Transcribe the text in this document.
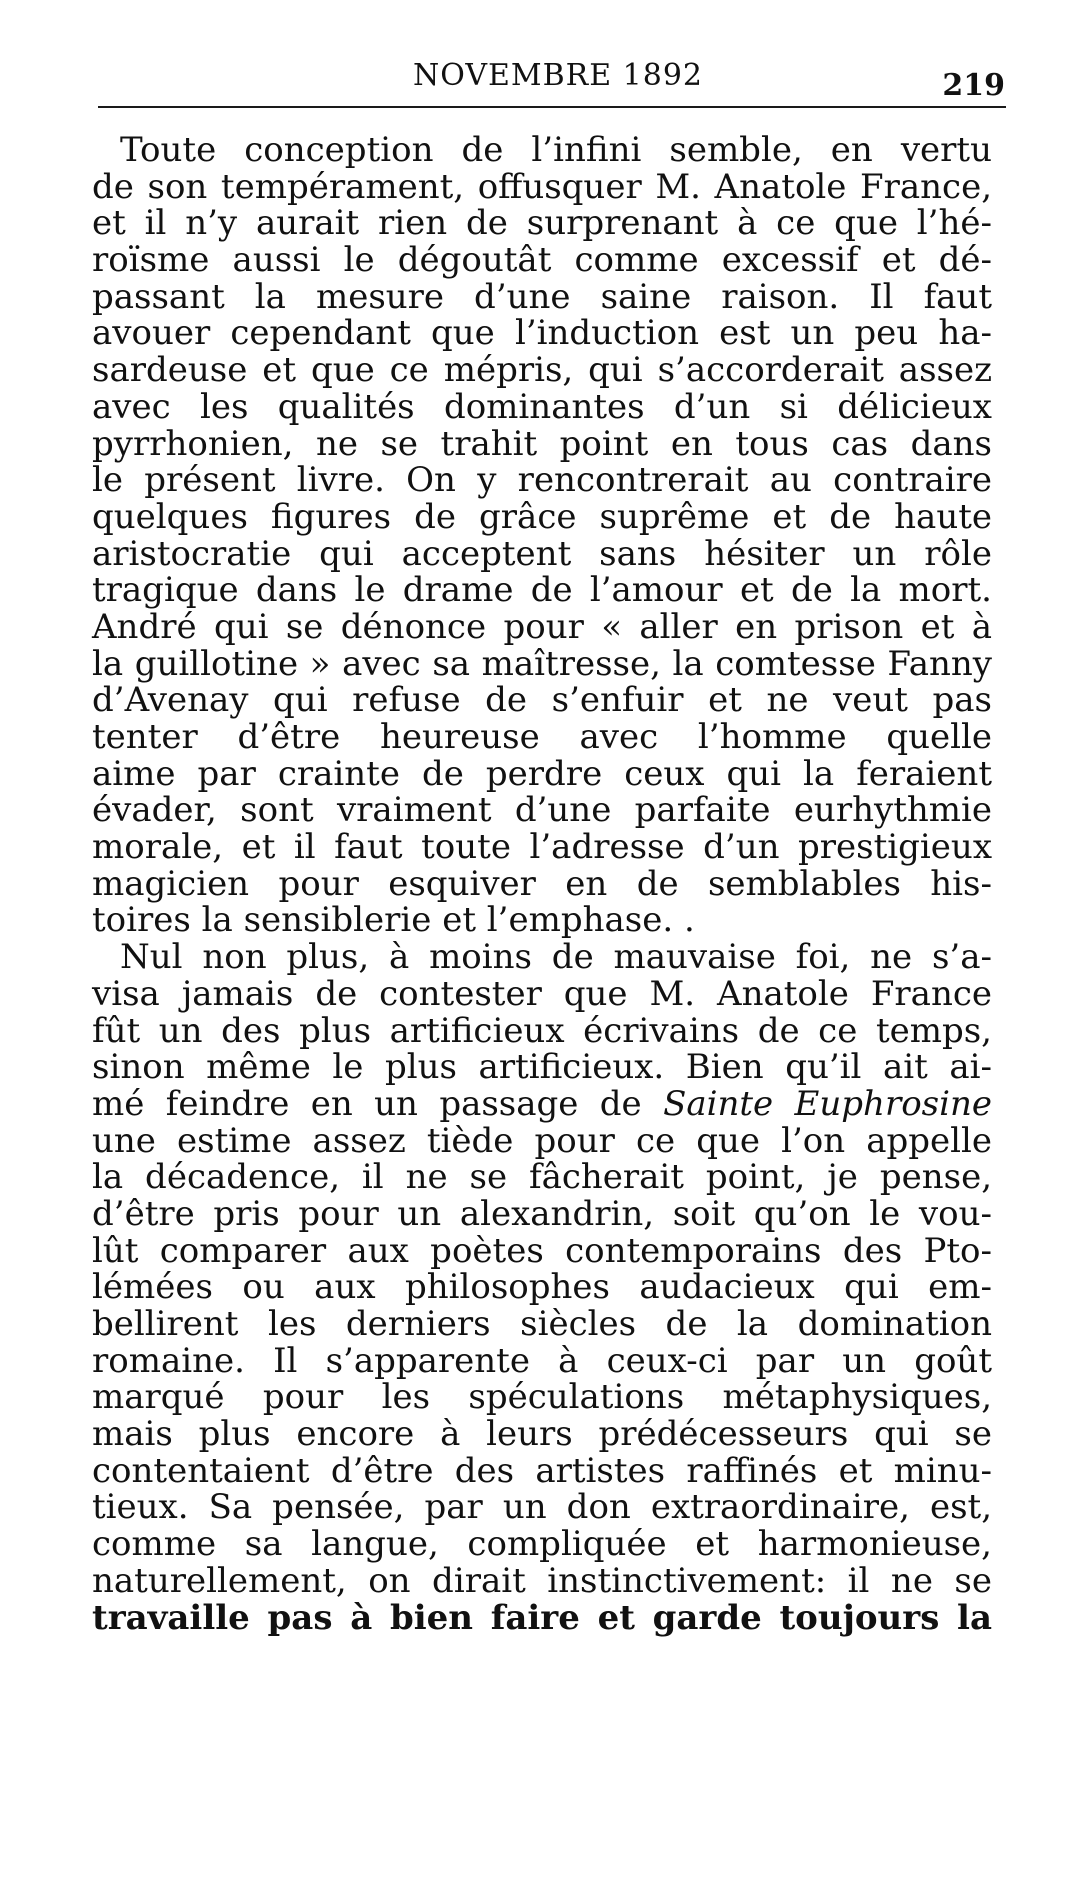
NOVEMBRE 1892	219
Toute conception de l’infini semble, en vertu
de son tempérament, offusquer M. Anatole France,
et il n’y aurait rien de surprenant à ce que l’hé-
roïsme aussi le dégoutât comme excessif et dé-
passant la mesure d’une saine raison. Il faut
avouer cependant que l’induction est un peu ha-
sardeuse et que ce mépris, qui s’accorderait assez
avec les qualités dominantes d’un si délicieux
pyrrhonien, ne se trahit point en tous cas dans
le présent livre. On y rencontrerait au contraire
quelques figures de grâce suprême et de haute
aristocratie qui acceptent sans hésiter un rôle
tragique dans le drame de l’amour et de la mort.
André qui se dénonce pour « aller en prison et à
la guillotine » avec sa maîtresse, la comtesse Fanny
d’Avenay qui refuse de s’enfuir et ne veut pas
tenter d’être heureuse avec l’homme quelle
aime par crainte de perdre ceux qui la feraient
évader, sont vraiment d’une parfaite eurhythmie
morale, et il faut toute l’adresse d’un prestigieux
magicien pour esquiver en de semblables his-
toires la sensiblerie et l’emphase. .
Nul non plus, à moins de mauvaise foi, ne s’a-
visa jamais de contester que M. Anatole France
fût un des plus artificieux écrivains de ce temps,
sinon même le plus artificieux. Bien qu’il ait ai-
mé feindre en un passage de Sainte Euphrosine
une estime assez tiède pour ce que l’on appelle
la décadence, il ne se fâcherait point, je pense,
d’être pris pour un alexandrin, soit qu’on le vou-
lût comparer aux poètes contemporains des Pto-
lémées ou aux philosophes audacieux qui em-
bellirent les derniers siècles de la domination
romaine. Il s’apparente à ceux-ci par un goût
marqué pour les spéculations métaphysiques,
mais plus encore à leurs prédécesseurs qui se
contentaient d’être des artistes raffinés et minu-
tieux. Sa pensée, par un don extraordinaire, est,
comme sa langue, compliquée et harmonieuse,
naturellement, on dirait instinctivement: il ne se
travaille pas à bien faire et garde toujours la
